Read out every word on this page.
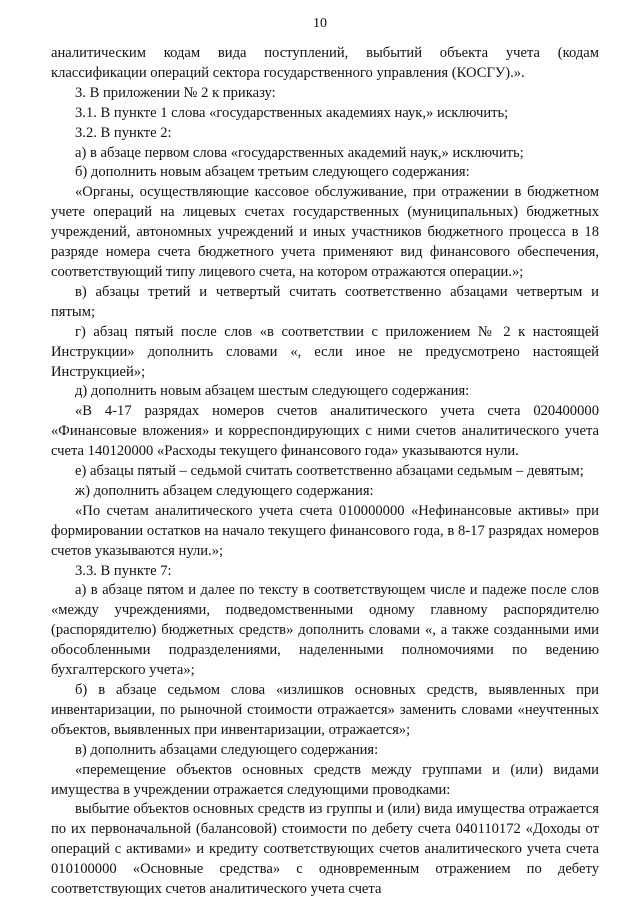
10

аналитическим кодам вида поступлений, выбытий объекта учета (кодам классификации операций сектора государственного управления (КОСГУ).».

3. В приложении № 2 к приказу:

3.1. В пункте 1 слова «государственных академиях наук,» исключить;

3.2. В пункте 2:

а) в абзаце первом слова «государственных академий наук,» исключить;

б) дополнить новым абзацем третьим следующего содержания:

«Органы, осуществляющие кассовое обслуживание, при отражении в бюджетном учете операций на лицевых счетах государственных (муниципальных) бюджетных учреждений, автономных учреждений и иных участников бюджетного процесса в 18 разряде номера счета бюджетного учета применяют вид финансового обеспечения, соответствующий типу лицевого счета, на котором отражаются операции.»;

в) абзацы третий и четвертый считать соответственно абзацами четвертым и пятым;

г) абзац пятый после слов «в соответствии с приложением № 2 к настоящей Инструкции» дополнить словами «, если иное не предусмотрено настоящей Инструкцией»;

д) дополнить новым абзацем шестым следующего содержания:

«В 4-17 разрядах номеров счетов аналитического учета счета 020400000 «Финансовые вложения» и корреспондирующих с ними счетов аналитического учета счета 140120000 «Расходы текущего финансового года» указываются нули.

е) абзацы пятый – седьмой считать соответственно абзацами седьмым – девятым;

ж) дополнить абзацем следующего содержания:

«По счетам аналитического учета счета 010000000 «Нефинансовые активы» при формировании остатков на начало текущего финансового года, в 8-17 разрядах номеров счетов указываются нули.»;

3.3. В пункте 7:

а) в абзаце пятом и далее по тексту в соответствующем числе и падеже после слов «между учреждениями, подведомственными одному главному распорядителю (распорядителю) бюджетных средств» дополнить словами «, а также созданными ими обособленными подразделениями, наделенными полномочиями по ведению бухгалтерского учета»;

б) в абзаце седьмом слова «излишков основных средств, выявленных при инвентаризации, по рыночной стоимости отражается» заменить словами «неучтенных объектов, выявленных при инвентаризации, отражается»;

в) дополнить абзацами следующего содержания:

«перемещение объектов основных средств между группами и (или) видами имущества в учреждении отражается следующими проводками:

выбытие объектов основных средств из группы и (или) вида имущества отражается по их первоначальной (балансовой) стоимости по дебету счета 040110172 «Доходы от операций с активами» и кредиту соответствующих счетов аналитического учета счета 010100000 «Основные средства» с одновременным отражением по дебету соответствующих счетов аналитического учета счета
